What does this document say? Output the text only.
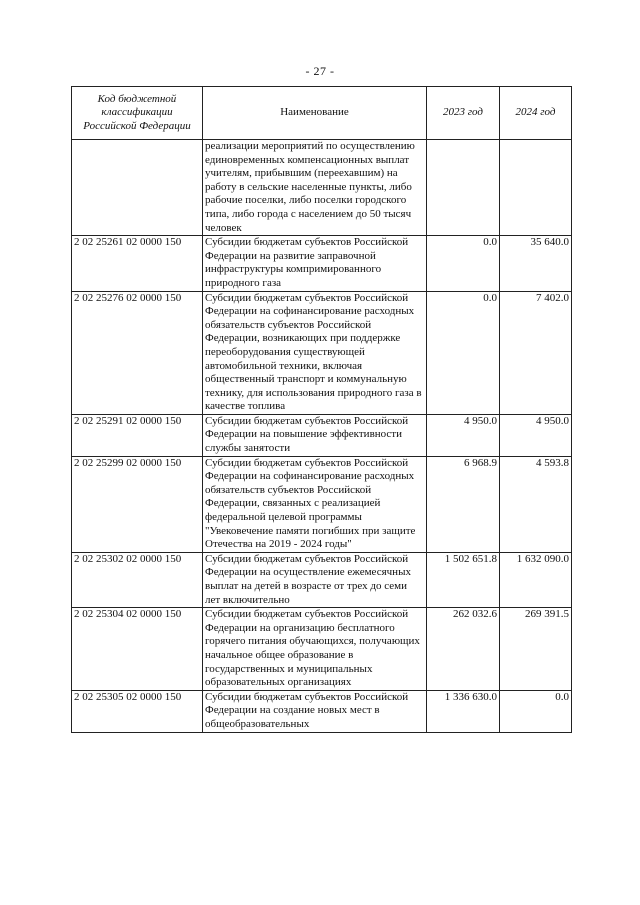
- 27 -
Код бюджетной классификации Российской Федерации	Наименование	2023 год	2024 год
	реализации мероприятий по осуществлению единовременных компенсационных выплат учителям, прибывшим (переехавшим) на работу в сельские населенные пункты, либо рабочие поселки, либо поселки городского типа, либо города с населением до 50 тысяч человек		
2 02 25261 02 0000 150	Субсидии бюджетам субъектов Российской Федерации на развитие заправочной инфраструктуры компримированного природного газа	0.0	35 640.0
2 02 25276 02 0000 150	Субсидии бюджетам субъектов Российской Федерации на софинансирование расходных обязательств субъектов Российской Федерации, возникающих при поддержке переоборудования существующей автомобильной техники, включая общественный транспорт и коммунальную технику, для использования природного газа в качестве топлива	0.0	7 402.0
2 02 25291 02 0000 150	Субсидии бюджетам субъектов Российской Федерации на повышение эффективности службы занятости	4 950.0	4 950.0
2 02 25299 02 0000 150	Субсидии бюджетам субъектов Российской Федерации на софинансирование расходных обязательств субъектов Российской Федерации, связанных с реализацией федеральной целевой программы "Увековечение памяти погибших при защите Отечества на 2019 - 2024 годы"	6 968.9	4 593.8
2 02 25302 02 0000 150	Субсидии бюджетам субъектов Российской Федерации на осуществление ежемесячных выплат на детей в возрасте от трех до семи лет включительно	1 502 651.8	1 632 090.0
2 02 25304 02 0000 150	Субсидии бюджетам субъектов Российской Федерации на организацию бесплатного горячего питания обучающихся, получающих начальное общее образование в государственных и муниципальных образовательных организациях	262 032.6	269 391.5
2 02 25305 02 0000 150	Субсидии бюджетам субъектов Российской Федерации на создание новых мест в общеобразовательных	1 336 630.0	0.0
